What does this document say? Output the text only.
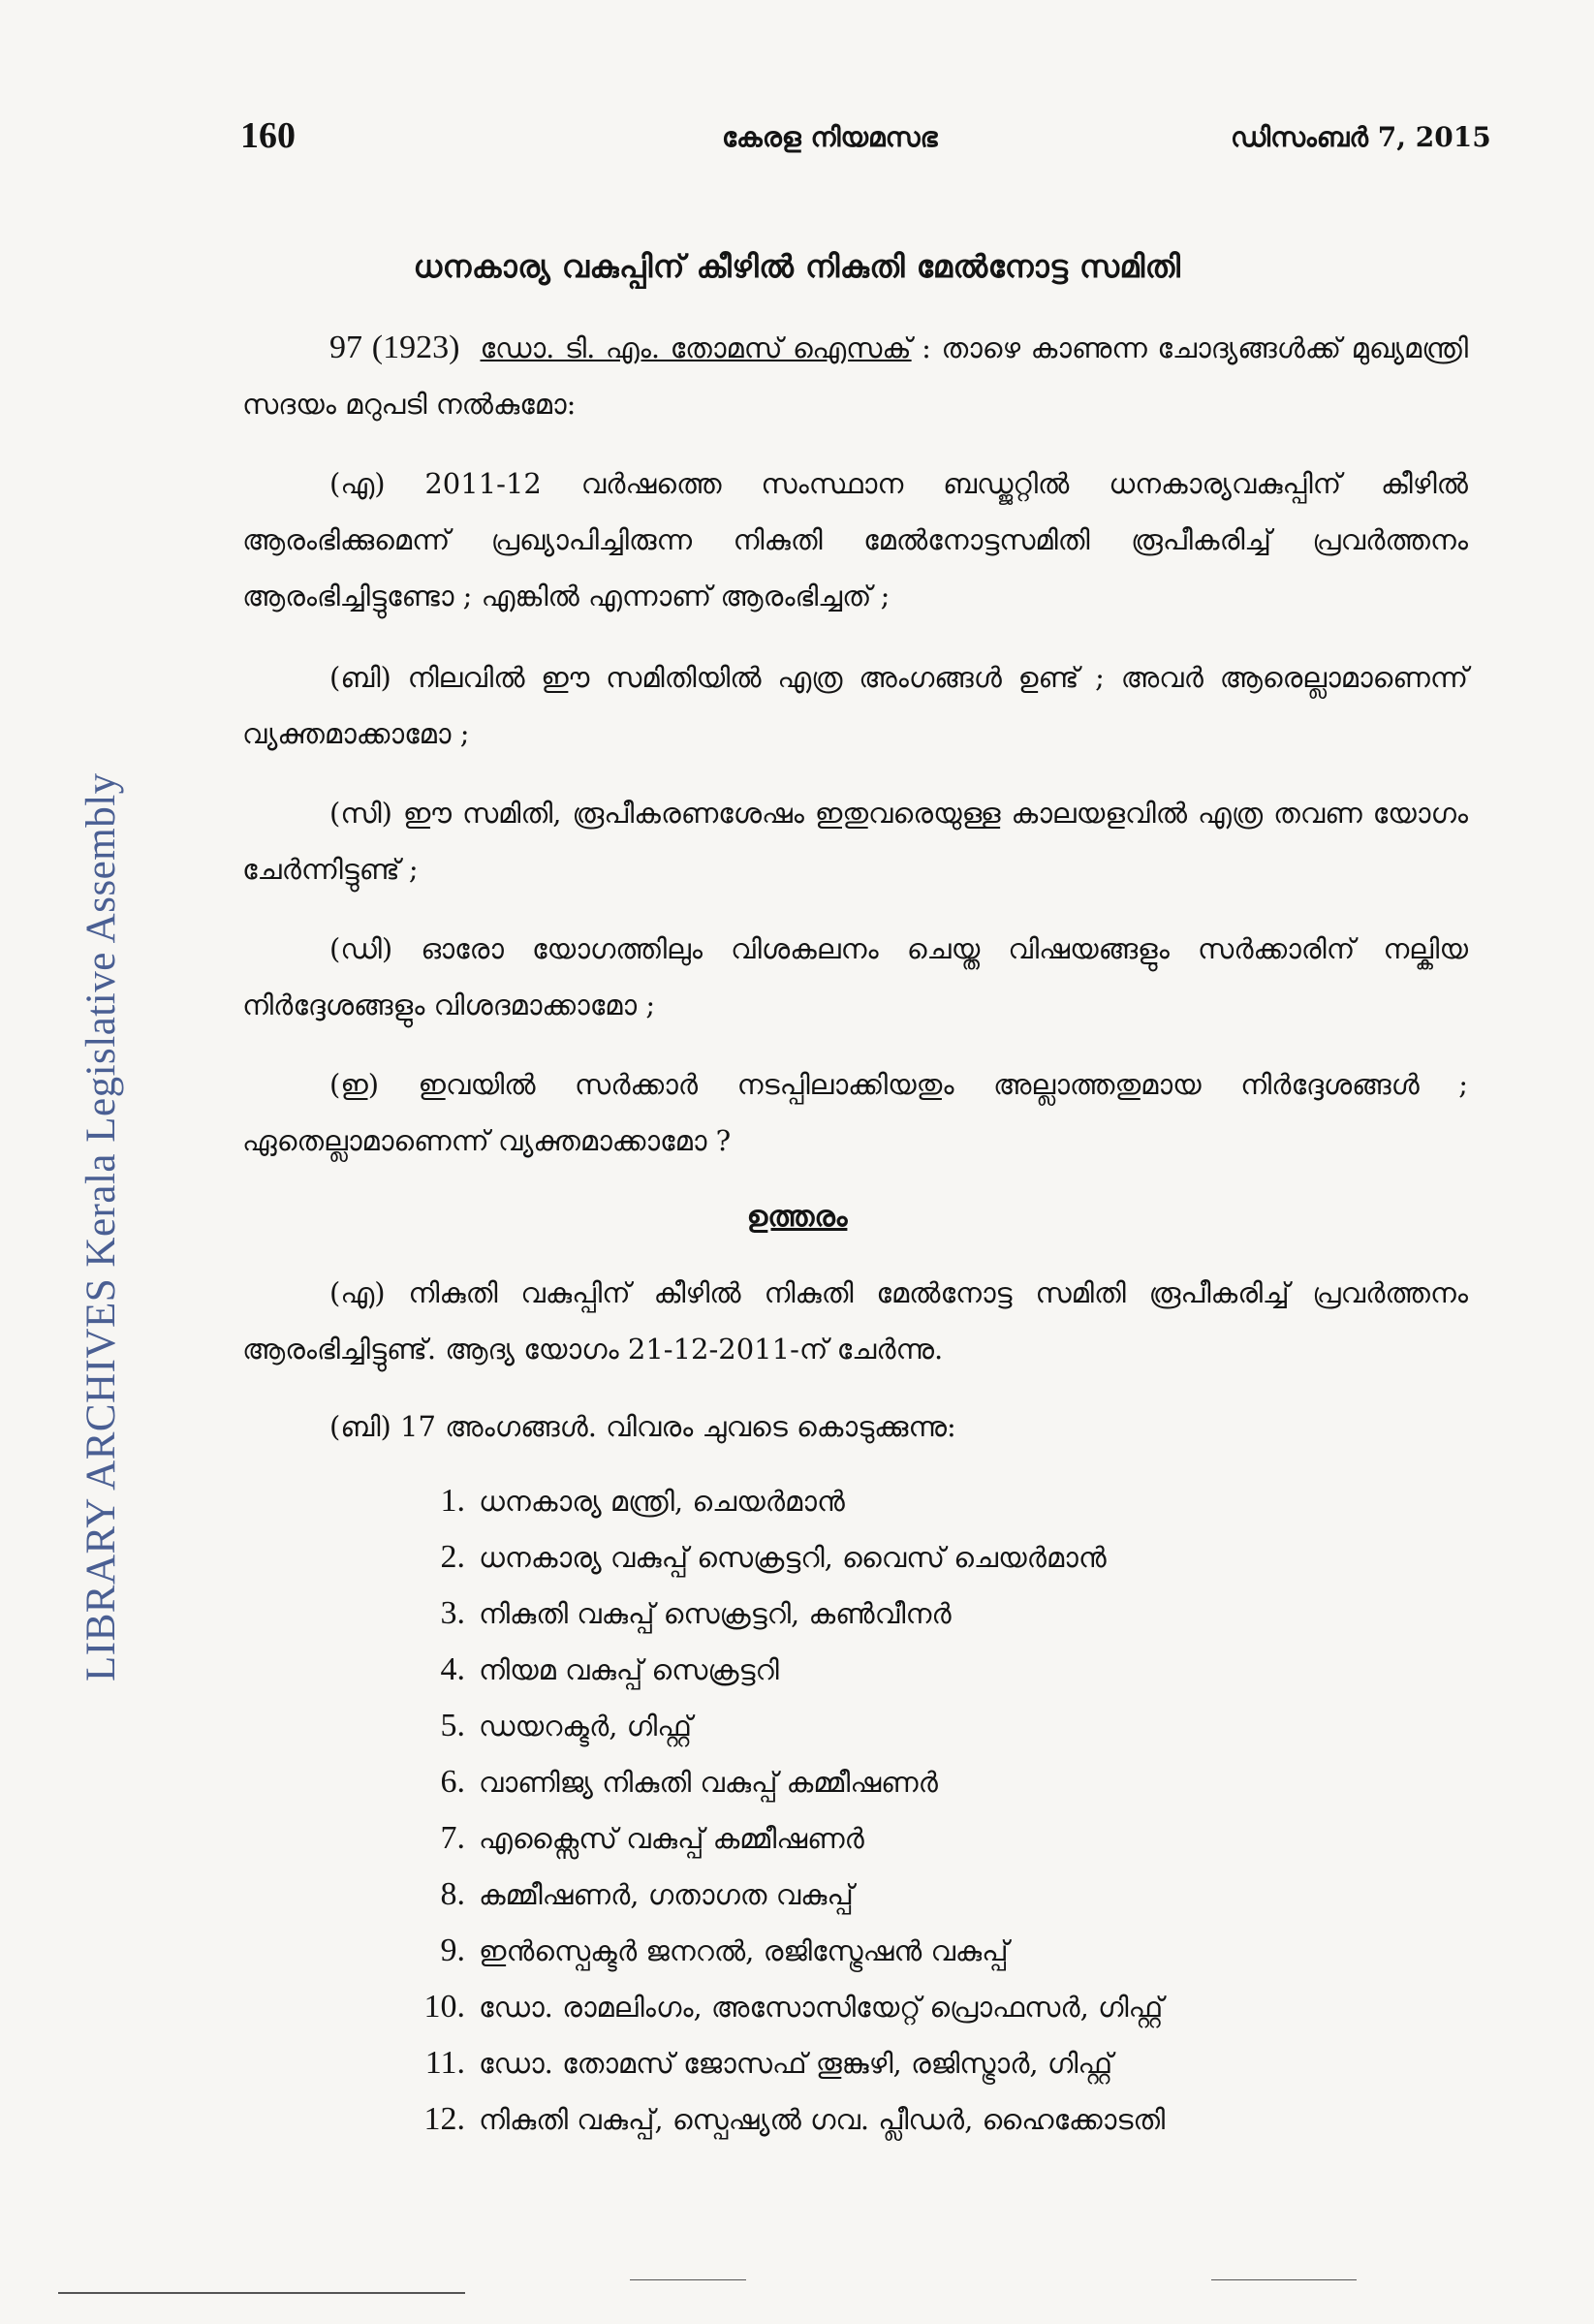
LIBRARY ARCHIVES Kerala Legislative Assembly
160	കേരള നിയമസഭ	ഡിസംബർ 7, 2015
ധനകാര്യ വകുപ്പിന് കീഴിൽ നികുതി മേൽനോട്ട സമിതി
97 (1923) ഡോ. ടി. എം. തോമസ് ഐസക് : താഴെ കാണുന്ന ചോദ്യങ്ങൾക്ക് മുഖ്യമന്ത്രി സദയം മറുപടി നൽകുമോ:
(എ) 2011-12 വർഷത്തെ സംസ്ഥാന ബഡ്ജറ്റിൽ ധനകാര്യവകുപ്പിന് കീഴിൽ ആരംഭിക്കുമെന്ന് പ്രഖ്യാപിച്ചിരുന്ന നികുതി മേൽനോട്ടസമിതി രൂപീകരിച്ച് പ്രവർത്തനം ആരംഭിച്ചിട്ടുണ്ടോ ; എങ്കിൽ എന്നാണ് ആരംഭിച്ചത് ;
(ബി) നിലവിൽ ഈ സമിതിയിൽ എത്ര അംഗങ്ങൾ ഉണ്ട് ; അവർ ആരെല്ലാമാണെന്ന് വ്യക്തമാക്കാമോ ;
(സി) ഈ സമിതി, രൂപീകരണശേഷം ഇതുവരെയുള്ള കാലയളവിൽ എത്ര തവണ യോഗം ചേർന്നിട്ടുണ്ട് ;
(ഡി) ഓരോ യോഗത്തിലും വിശകലനം ചെയ്ത വിഷയങ്ങളും സർക്കാരിന് നല്കിയ നിർദ്ദേശങ്ങളും വിശദമാക്കാമോ ;
(ഇ) ഇവയിൽ സർക്കാർ നടപ്പിലാക്കിയതും അല്ലാത്തതുമായ നിർദ്ദേശങ്ങൾ ; ഏതെല്ലാമാണെന്ന് വ്യക്തമാക്കാമോ ?
ഉത്തരം
(എ) നികുതി വകുപ്പിന് കീഴിൽ നികുതി മേൽനോട്ട സമിതി രൂപീകരിച്ച് പ്രവർത്തനം ആരംഭിച്ചിട്ടുണ്ട്. ആദ്യ യോഗം 21-12-2011-ന് ചേർന്നു.
(ബി) 17 അംഗങ്ങൾ. വിവരം ചുവടെ കൊടുക്കുന്നു:
1. ധനകാര്യ മന്ത്രി, ചെയർമാൻ
2. ധനകാര്യ വകുപ്പ് സെക്രട്ടറി, വൈസ് ചെയർമാൻ
3. നികുതി വകുപ്പ് സെക്രട്ടറി, കൺവീനർ
4. നിയമ വകുപ്പ് സെക്രട്ടറി
5. ഡയറക്ടർ, ഗിഫ്റ്റ്
6. വാണിജ്യ നികുതി വകുപ്പ് കമ്മീഷണർ
7. എക്സൈസ് വകുപ്പ് കമ്മീഷണർ
8. കമ്മീഷണർ, ഗതാഗത വകുപ്പ്
9. ഇൻസ്പെക്ടർ ജനറൽ, രജിസ്ട്രേഷൻ വകുപ്പ്
10. ഡോ. രാമലിംഗം, അസോസിയേറ്റ് പ്രൊഫസർ, ഗിഫ്റ്റ്
11. ഡോ. തോമസ് ജോസഫ് തൂങ്കുഴി, രജിസ്ട്രാർ, ഗിഫ്റ്റ്
12. നികുതി വകുപ്പ്, സ്പെഷ്യൽ ഗവ. പ്ലീഡർ, ഹൈക്കോടതി
